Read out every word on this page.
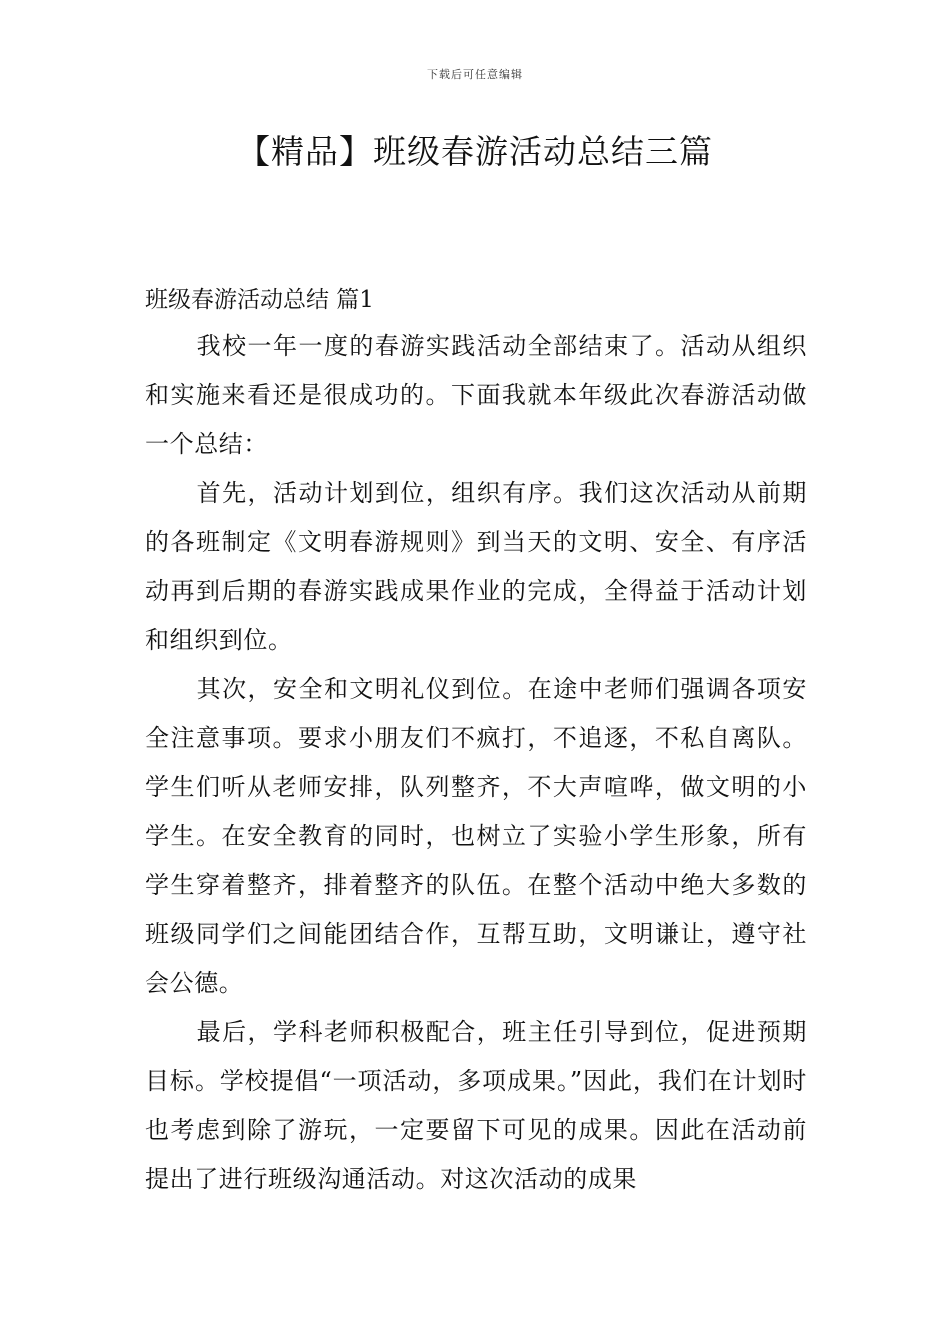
下载后可任意编辑
【精品】班级春游活动总结三篇

班级春游活动总结 篇1

我校一年一度的春游实践活动全部结束了。活动从组织和实施来看还是很成功的。下面我就本年级此次春游活动做一个总结：

首先，活动计划到位，组织有序。我们这次活动从前期的各班制定《文明春游规则》到当天的文明、安全、有序活动再到后期的春游实践成果作业的完成，全得益于活动计划和组织到位。

其次，安全和文明礼仪到位。在途中老师们强调各项安全注意事项。要求小朋友们不疯打，不追逐，不私自离队。学生们听从老师安排，队列整齐，不大声喧哗，做文明的小学生。在安全教育的同时，也树立了实验小学生形象，所有学生穿着整齐，排着整齐的队伍。在整个活动中绝大多数的班级同学们之间能团结合作，互帮互助，文明谦让，遵守社会公德。

最后，学科老师积极配合，班主任引导到位，促进预期目标。学校提倡“一项活动，多项成果。”因此，我们在计划时也考虑到除了游玩，一定要留下可见的成果。因此在活动前提出了进行班级沟通活动。对这次活动的成果
